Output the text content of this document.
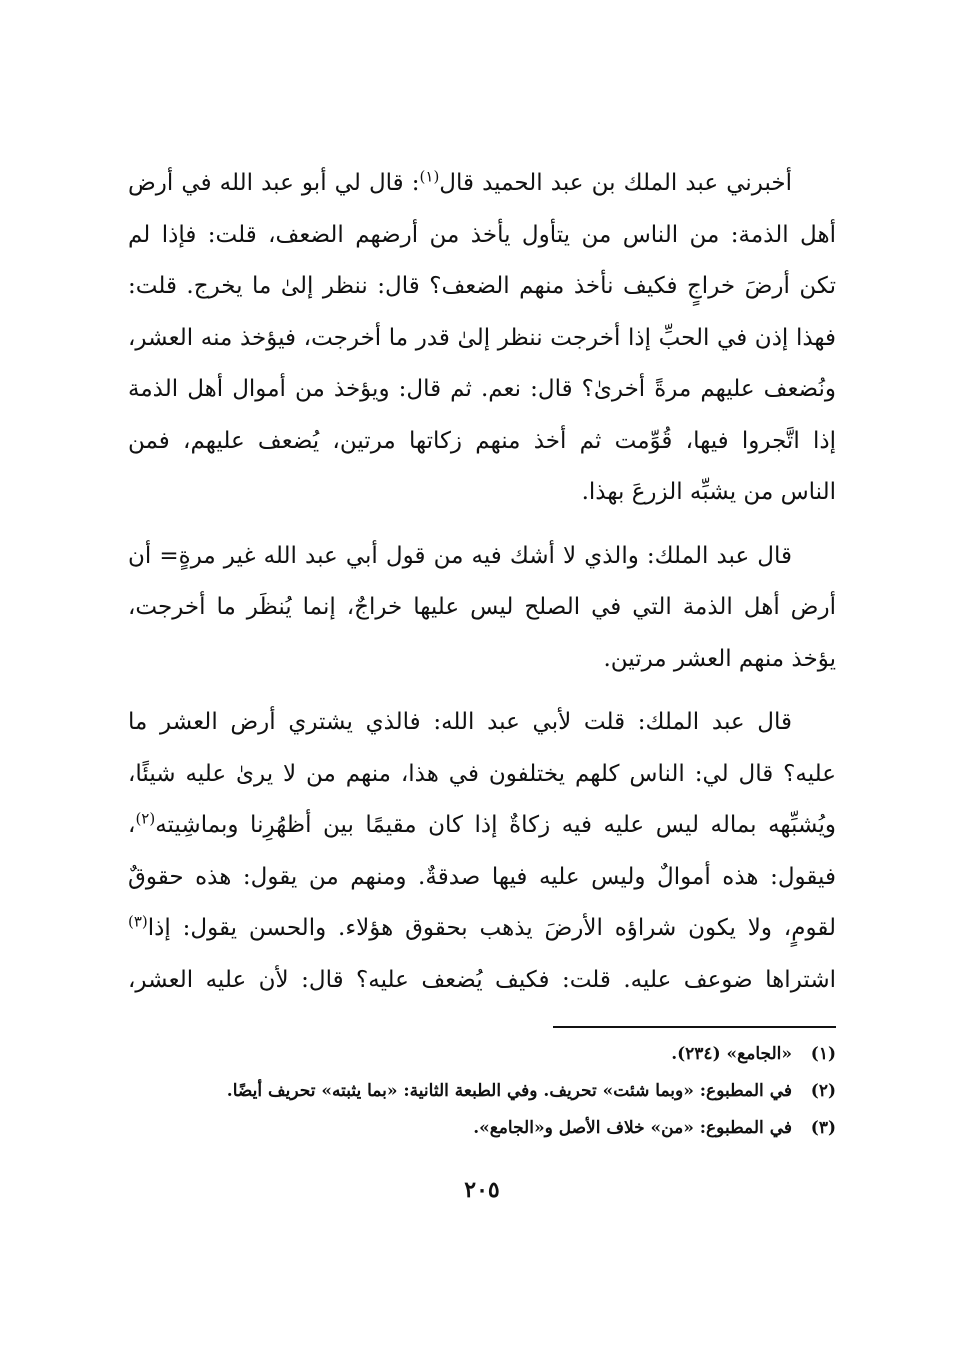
أخبرني عبد الملك بن عبد الحميد قال$^{(١)}$: قال لي أبو عبد الله في أرض
أهل الذمة: من الناس من يتأول يأخذ من أرضهم الضعف، قلت: فإذا لم
تكن أرضَ خراجٍ فكيف نأخذ منهم الضعف؟ قال: ننظر إلىٰ ما يخرج. قلت:
فهذا إذن في الحبِّ إذا أخرجت ننظر إلىٰ قدر ما أخرجت، فيؤخذ منه العشر،
ونُضعف عليهم مرةً أخرىٰ؟ قال: نعم. ثم قال: ويؤخذ من أموال أهل الذمة
إذا اتَّجروا فيها، قُوِّمت ثم أخذ منهم زكاتها مرتين، يُضعف عليهم، فمن
الناس من يشبِّه الزرعَ بهذا.
قال عبد الملك: والذي لا أشك فيه من قول أبي عبد الله غير مرةٍ= أن
أرض أهل الذمة التي في الصلح ليس عليها خراجٌ، إنما يُنظَر ما أخرجت،
يؤخذ منهم العشر مرتين.
قال عبد الملك: قلت لأبي عبد الله: فالذي يشتري أرض العشر ما
عليه؟ قال لي: الناس كلهم يختلفون في هذا، منهم من لا يرىٰ عليه شيئًا،
ويُشبِّهه بماله ليس عليه فيه زكاةٌ إذا كان مقيمًا بين أظهُرِنا وبماشِيته$^{(٢)}$،
فيقول: هذه أموالٌ وليس عليه فيها صدقةٌ. ومنهم من يقول: هذه حقوقٌ
لقومٍ، ولا يكون شراؤه الأرضَ يذهب بحقوق هؤلاء. والحسن يقول: إذا$^{(٣)}$
اشتراها ضوعف عليه. قلت: فكيف يُضعف عليه؟ قال: لأن عليه العشر،
(١)«الجامع» (٢٣٤).
(٢)في المطبوع: «وبما شئت» تحريف. وفي الطبعة الثانية: «بما يثبته» تحريف أيضًا.
(٣)في المطبوع: «من» خلاف الأصل و«الجامع».
٢٠٥
